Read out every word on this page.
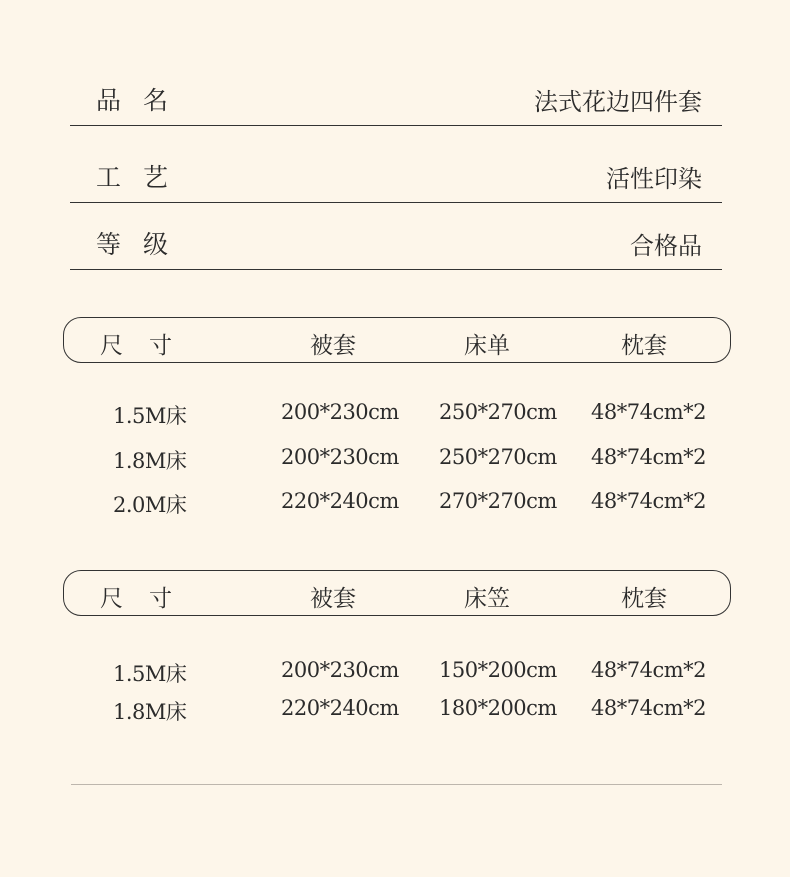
品名	法式花边四件套
工艺	活性印染
等级	合格品
尺寸	被套	床单	枕套
1.5M床	200*230cm 250*270cm 48*74cm*2
1.8M床	200*230cm 250*270cm 48*74cm*2
2.0M床	220*240cm 270*270cm 48*74cm*2
尺寸	被套	床笠	枕套
1.5M床	200*230cm 150*200cm 48*74cm*2
1.8M床	220*240cm 180*200cm 48*74cm*2
